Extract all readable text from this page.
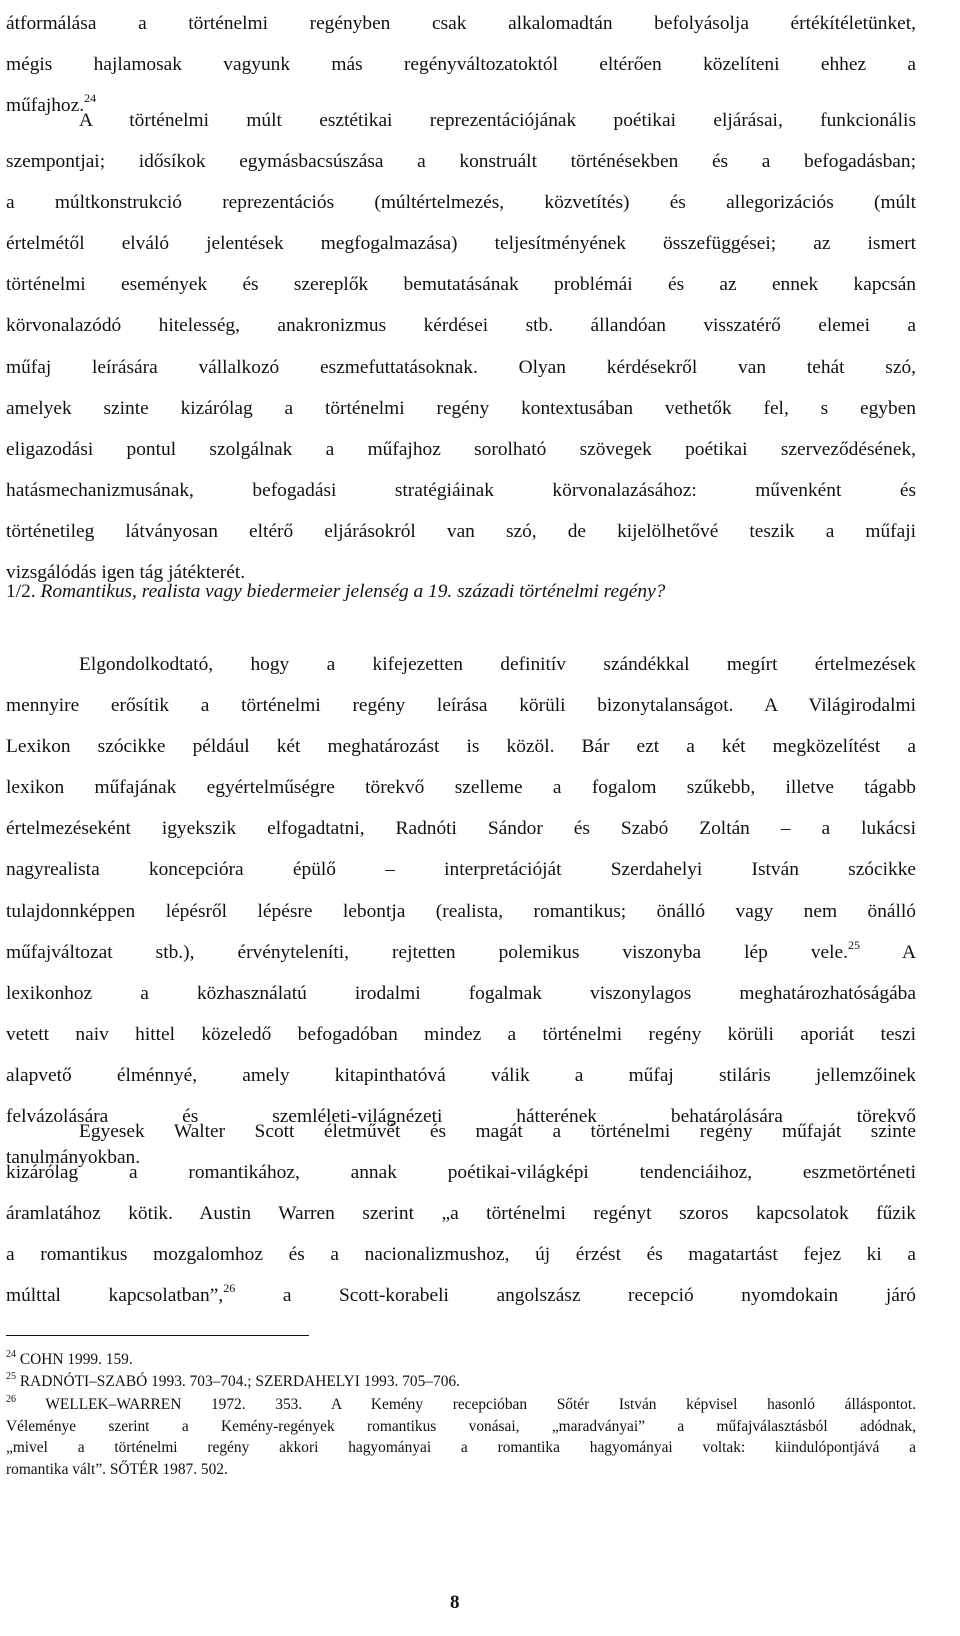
átformálása a történelmi regényben csak alkalomadtán befolyásolja értékítéletünket,
mégis hajlamosak vagyunk más regényváltozatoktól eltérően közelíteni ehhez a
műfajhoz.$^{24}$
A történelmi múlt esztétikai reprezentációjának poétikai eljárásai, funkcionális
szempontjai; idősíkok egymásbacsúszása a konstruált történésekben és a befogadásban;
a múltkonstrukció reprezentációs (múltértelmezés, közvetítés) és allegorizációs (múlt
értelmétől elváló jelentések megfogalmazása) teljesítményének összefüggései; az ismert
történelmi események és szereplők bemutatásának problémái és az ennek kapcsán
körvonalazódó hitelesség, anakronizmus kérdései stb. állandóan visszatérő elemei a
műfaj leírására vállalkozó eszmefuttatásoknak. Olyan kérdésekről van tehát szó,
amelyek szinte kizárólag a történelmi regény kontextusában vethetők fel, s egyben
eligazodási pontul szolgálnak a műfajhoz sorolható szövegek poétikai szerveződésének,
hatásmechanizmusának, befogadási stratégiáinak körvonalazásához: művenként és
történetileg látványosan eltérő eljárásokról van szó, de kijelölhetővé teszik a műfaji
vizsgálódás igen tág játékterét.
1/2. Romantikus, realista vagy biedermeier jelenség a 19. századi történelmi regény?
Elgondolkodtató, hogy a kifejezetten definitív szándékkal megírt értelmezések
mennyire erősítik a történelmi regény leírása körüli bizonytalanságot. A Világirodalmi
Lexikon szócikke például két meghatározást is közöl. Bár ezt a két megközelítést a
lexikon műfajának egyértelműségre törekvő szelleme a fogalom szűkebb, illetve tágabb
értelmezéseként igyekszik elfogadtatni, Radnóti Sándor és Szabó Zoltán – a lukácsi
nagyrealista koncepcióra épülő – interpretációját Szerdahelyi István szócikke
tulajdonnképpen lépésről lépésre lebontja (realista, romantikus; önálló vagy nem önálló
műfajváltozat stb.), érvényteleníti, rejtetten polemikus viszonyba lép vele.$^{25}$ A
lexikonhoz a közhasználatú irodalmi fogalmak viszonylagos meghatározhatóságába
vetett naiv hittel közeledő befogadóban mindez a történelmi regény körüli aporiát teszi
alapvető élménnyé, amely kitapinthatóvá válik a műfaj stiláris jellemzőinek
felvázolására és szemléleti-világnézeti hátterének behatárolására törekvő
tanulmányokban.
Egyesek Walter Scott életművét és magát a történelmi regény műfaját szinte
kizárólag a romantikához, annak poétikai-világképi tendenciáihoz, eszmetörténeti
áramlatához kötik. Austin Warren szerint „a történelmi regényt szoros kapcsolatok fűzik
a romantikus mozgalomhoz és a nacionalizmushoz, új érzést és magatartást fejez ki a
múlttal kapcsolatban”,$^{26}$ a Scott-korabeli angolszász recepció nyomdokain járó
$^{24}$ COHN 1999. 159.
$^{25}$ RADNÓTI–SZABÓ 1993. 703–704.; SZERDAHELYI 1993. 705–706.
$^{26}$ WELLEK–WARREN 1972. 353. A Kemény recepcióban Sőtér István képvisel hasonló álláspontot.
Véleménye szerint a Kemény-regények romantikus vonásai, „maradványai” a műfajválasztásból adódnak,
„mivel a történelmi regény akkori hagyományai a romantika hagyományai voltak: kiindulópontjává a
romantika vált”. SŐTÉR 1987. 502.
8
